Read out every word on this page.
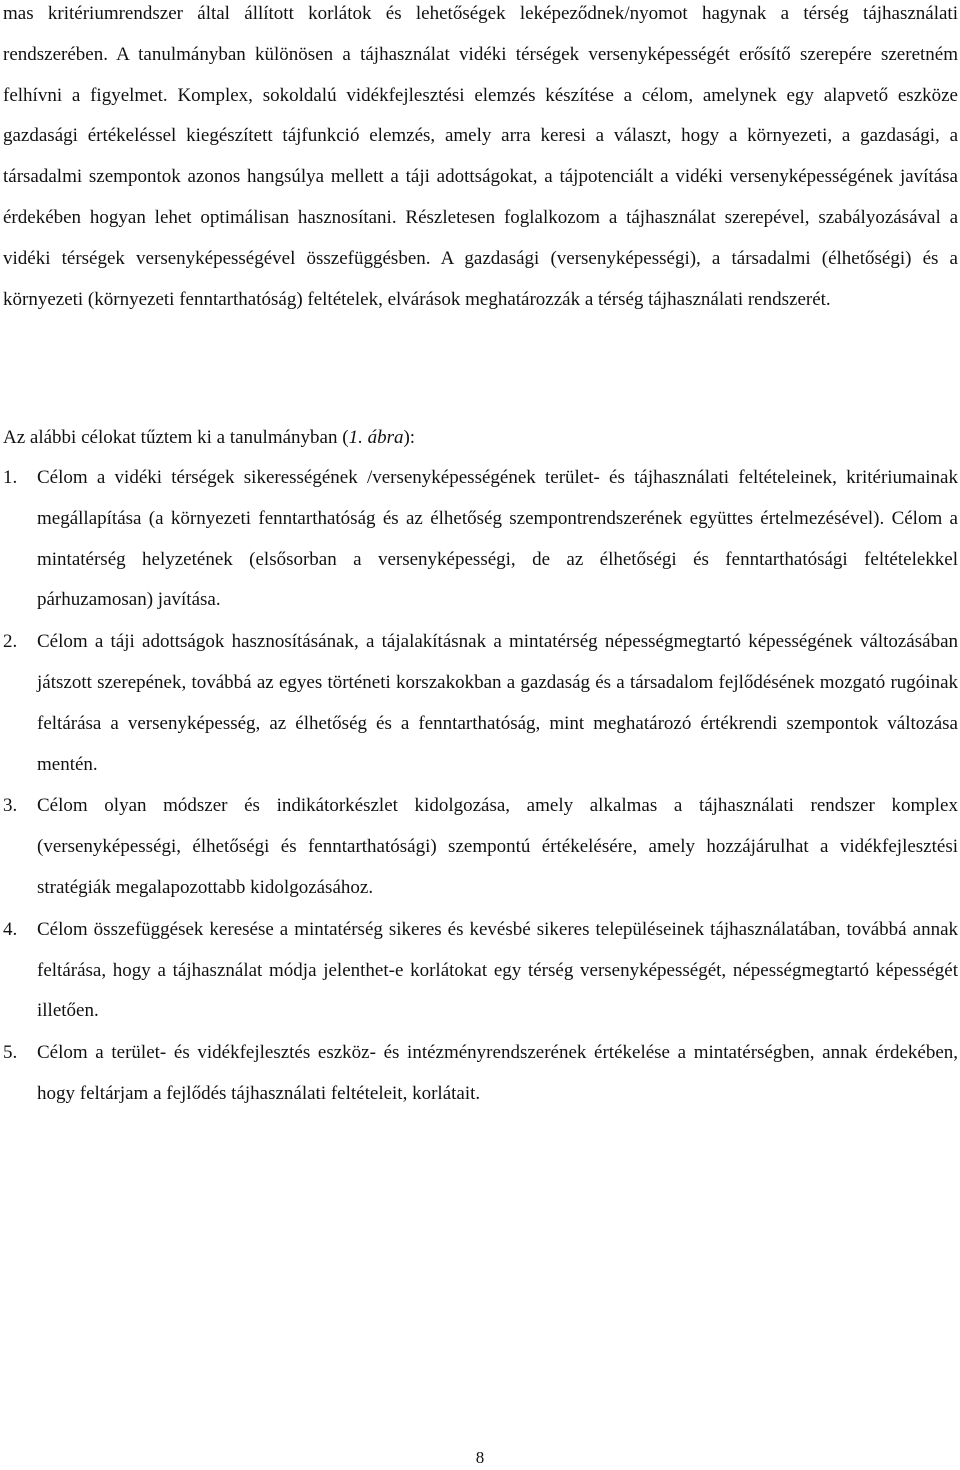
mas kritériumrendszer által állított korlátok és lehetőségek leképeződnek/nyomot hagynak a térség tájhasználati rendszerében. A tanulmányban különösen a tájhasználat vidéki térségek versenyképességét erősítő szerepére szeretném felhívni a figyelmet. Komplex, sokoldalú vidékfejlesztési elemzés készítése a célom, amelynek egy alapvető eszköze gazdasági értékeléssel kiegészített tájfunkció elemzés, amely arra keresi a választ, hogy a környezeti, a gazdasági, a társadalmi szempontok azonos hangsúlya mellett a táji adottságokat, a tájpotenciált a vidéki versenyképességének javítása érdekében hogyan lehet optimálisan hasznosítani. Részletesen foglalkozom a tájhasználat szerepével, szabályozásával a vidéki térségek versenyképességével összefüggésben. A gazdasági (versenyképességi), a társadalmi (élhetőségi) és a környezeti (környezeti fenntarthatóság) feltételek, elvárások meghatározzák a térség tájhasználati rendszerét.

Az alábbi célokat tűztem ki a tanulmányban (1. ábra):

1.	Célom a vidéki térségek sikerességének /versenyképességének terület- és tájhasználati feltételeinek, kritériumainak megállapítása (a környezeti fenntarthatóság és az élhetőség szempontrendszerének együttes értelmezésével). Célom a mintatérség helyzetének (elsősorban a versenyképességi, de az élhetőségi és fenntarthatósági feltételekkel párhuzamosan) javítása.
2.	Célom a táji adottságok hasznosításának, a tájalakításnak a mintatérség népességmegtartó képességének változásában játszott szerepének, továbbá az egyes történeti korszakokban a gazdaság és a társadalom fejlődésének mozgató rugóinak feltárása a versenyképesség, az élhetőség és a fenntarthatóság, mint meghatározó értékrendi szempontok változása mentén.
3.	Célom olyan módszer és indikátorkészlet kidolgozása, amely alkalmas a tájhasználati rendszer komplex (versenyképességi, élhetőségi és fenntarthatósági) szempontú értékelésére, amely hozzájárulhat a vidékfejlesztési stratégiák megalapozottabb kidolgozásához.
4.	Célom összefüggések keresése a mintatérség sikeres és kevésbé sikeres településeinek tájhasználatában, továbbá annak feltárása, hogy a tájhasználat módja jelenthet-e korlátokat egy térség versenyképességét, népességmegtartó képességét illetően.
5.	Célom a terület- és vidékfejlesztés eszköz- és intézményrendszerének értékelése a mintatérségben, annak érdekében, hogy feltárjam a fejlődés tájhasználati feltételeit, korlátait.
8
